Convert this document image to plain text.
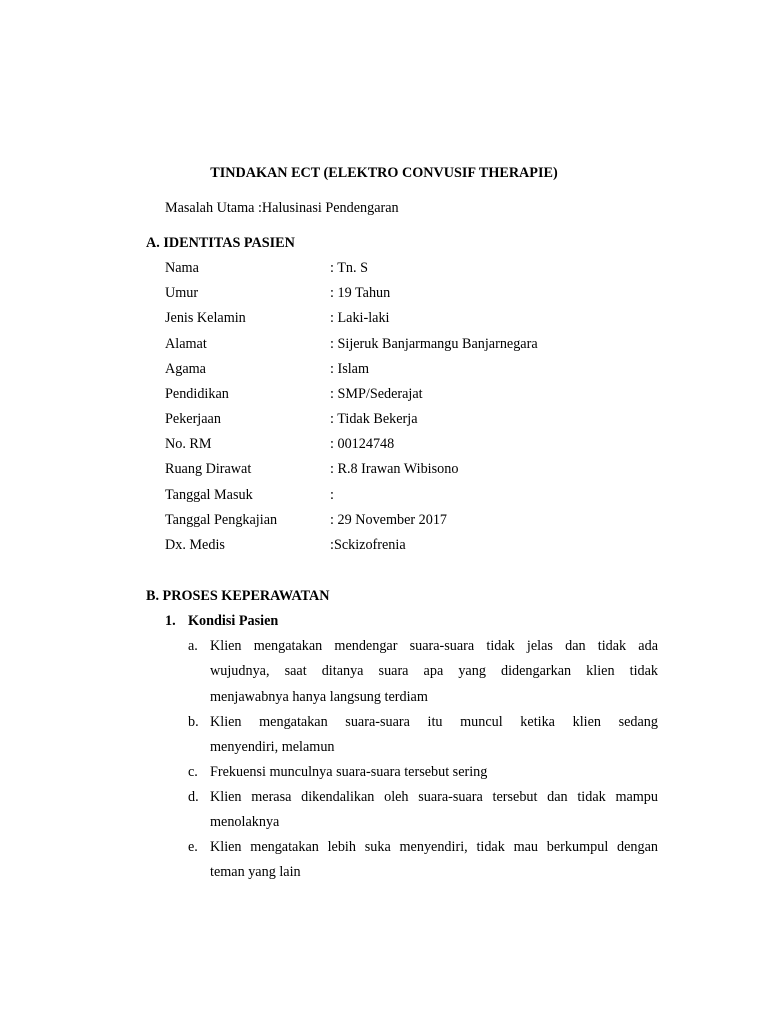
TINDAKAN ECT (ELEKTRO CONVUSIF THERAPIE)
Masalah Utama :Halusinasi Pendengaran
A. IDENTITAS PASIEN
Nama	: Tn. S
Umur	: 19 Tahun
Jenis Kelamin	: Laki-laki
Alamat	: Sijeruk Banjarmangu Banjarnegara
Agama	: Islam
Pendidikan	: SMP/Sederajat
Pekerjaan	: Tidak Bekerja
No. RM	: 00124748
Ruang Dirawat	: R.8 Irawan Wibisono
Tanggal Masuk	:
Tanggal Pengkajian	: 29 November 2017
Dx. Medis	:Sckizofrenia
B. PROSES KEPERAWATAN
1. Kondisi Pasien
a. Klien mengatakan mendengar suara-suara tidak jelas dan tidak ada
wujudnya, saat ditanya suara apa yang didengarkan klien tidak
menjawabnya hanya langsung terdiam
b. Klien mengatakan suara-suara itu muncul ketika klien sedang
menyendiri, melamun
c. Frekuensi munculnya suara-suara tersebut sering
d. Klien merasa dikendalikan oleh suara-suara tersebut dan tidak mampu
menolaknya
e. Klien mengatakan lebih suka menyendiri, tidak mau berkumpul dengan
teman yang lain
